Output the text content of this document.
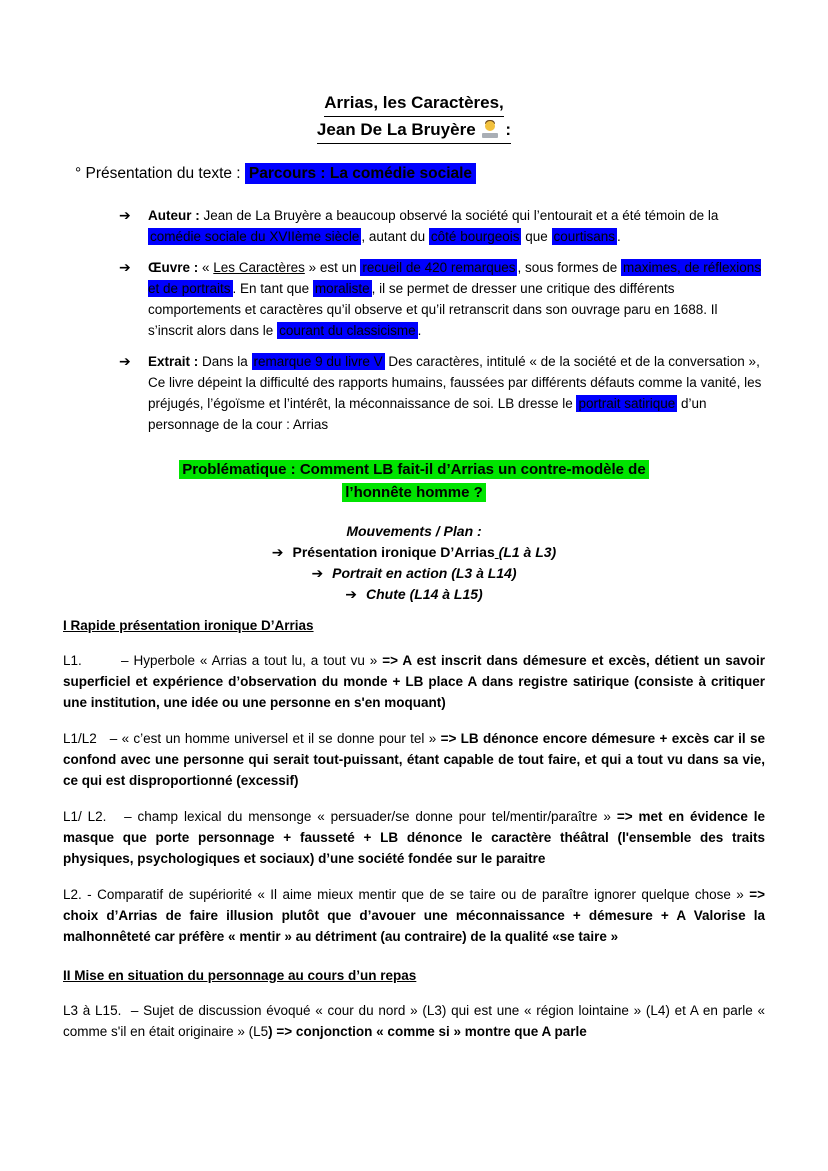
Arrias, les Caractères,
Jean De La Bruyère
:

° Présentation du texte : Parcours : La comédie sociale

➔	Auteur : Jean de La Bruyère a beaucoup observé la société qui l’entourait et a été témoin de la comédie sociale du XVIIème siècle , autant du côté bourgeois que courtisans .
➔	Œuvre : « Les Caractères » est un recueil de 420 remarques , sous formes de maximes, de réflexions et de portraits . En tant que moraliste , il se permet de dresser une critique des différents comportements et caractères qu’il observe et qu’il retranscrit dans son ouvrage paru en 1688. Il s’inscrit alors dans le courant du classicisme .
➔	Extrait : Dans la remarque 9 du livre V Des caractères, intitulé « de la société et de la conversation », Ce livre dépeint la difficulté des rapports humains, faussées par différents défauts comme la vanité, les préjugés, l’égoïsme et l’intérêt, la méconnaissance de soi. LB dresse le portrait satirique d’un personnage de la cour : Arrias
Problématique : Comment LB fait-il d’Arrias un contre-modèle de l’honnête homme ?
Mouvements / Plan :
➔ Présentation ironique D’Arrias (L1 à L3)
➔ Portrait en action (L3 à L14)
➔ Chute (L14 à L15)
I Rapide présentation ironique D’Arrias

L1.        – Hyperbole « Arrias a tout lu, a tout vu » => A est inscrit dans démesure et excès, détient un savoir superficiel et expérience d’observation du monde + LB place A dans registre satirique (consiste à critiquer une institution, une idée ou une personne en s'en moquant)

L1/L2   – « c’est un homme universel et il se donne pour tel » => LB dénonce encore démesure + excès car il se confond avec une personne qui serait tout-puissant, étant capable de tout faire, et qui a tout vu dans sa vie, ce qui est disproportionné (excessif)

L1/ L2.   – champ lexical du mensonge « persuader/se donne pour tel/mentir/paraître » => met en évidence le masque que porte personnage + fausseté + LB dénonce le caractère théâtral (l'ensemble des traits physiques, psychologiques et sociaux) d’une société fondée sur le paraitre

L2. - Comparatif de supériorité « Il aime mieux mentir que de se taire ou de paraître ignorer quelque chose » => choix d’Arrias de faire illusion plutôt que d’avouer une méconnaissance + démesure + A Valorise la malhonnêteté car préfère « mentir » au détriment (au contraire) de la qualité «se taire »

II Mise en situation du personnage au cours d’un repas

L3 à L15.  – Sujet de discussion évoqué « cour du nord » (L3) qui est une « région lointaine » (L4) et A en parle « comme s'il en était originaire » (L5) => conjonction « comme si » montre que A parle
